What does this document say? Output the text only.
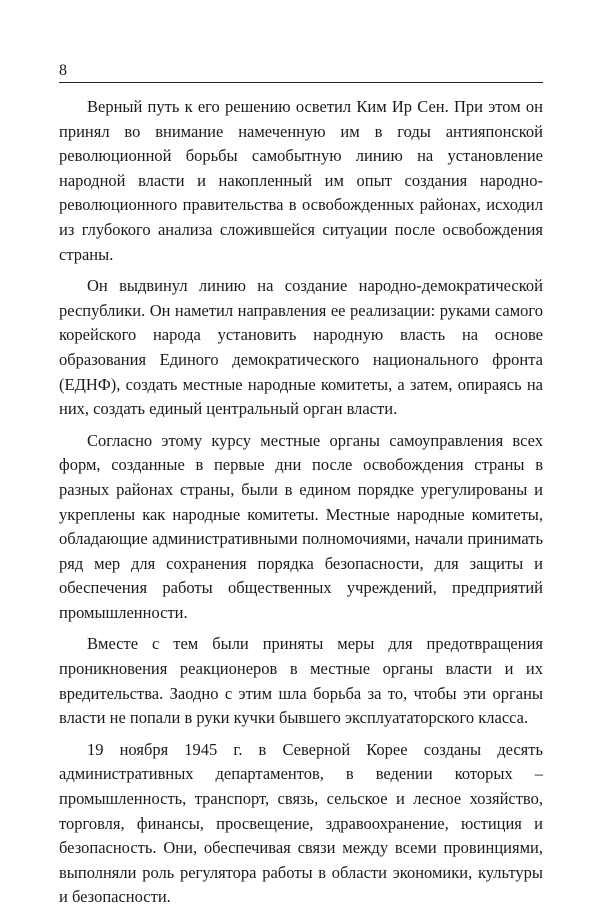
8

Верный путь к его решению осветил Ким Ир Сен. При этом он принял во внимание намеченную им в годы антияпонской революционной борьбы самобытную линию на установление народной власти и накопленный им опыт создания народно-революционного правительства в освобожденных районах, исходил из глубокого анализа сложившейся ситуации после освобождения страны.

Он выдвинул линию на создание народно-демократической республики. Он наметил направления ее реализации: руками самого корейского народа установить народную власть на основе образования Единого демократического национального фронта (ЕДНФ), создать местные народные комитеты, а затем, опираясь на них, создать единый центральный орган власти.

Согласно этому курсу местные органы самоуправления всех форм, созданные в первые дни после освобождения страны в разных районах страны, были в едином порядке урегулированы и укреплены как народные комитеты. Местные народные комитеты, обладающие административными полномочиями, начали принимать ряд мер для сохранения порядка безопасности, для защиты и обеспечения работы общественных учреждений, предприятий промышленности.

Вместе с тем были приняты меры для предотвращения проникновения реакционеров в местные органы власти и их вредительства. Заодно с этим шла борьба за то, чтобы эти органы власти не попали в руки кучки бывшего эксплуататорского класса.

19 ноября 1945 г. в Северной Корее созданы десять административных департаментов, в ведении которых – промышленность, транспорт, связь, сельское и лесное хозяйство, торговля, финансы, просвещение, здравоохранение, юстиция и безопасность. Они, обеспечивая связи между всеми провинциями, выполняли роль регулятора работы в области экономики, культуры и безопасности.
